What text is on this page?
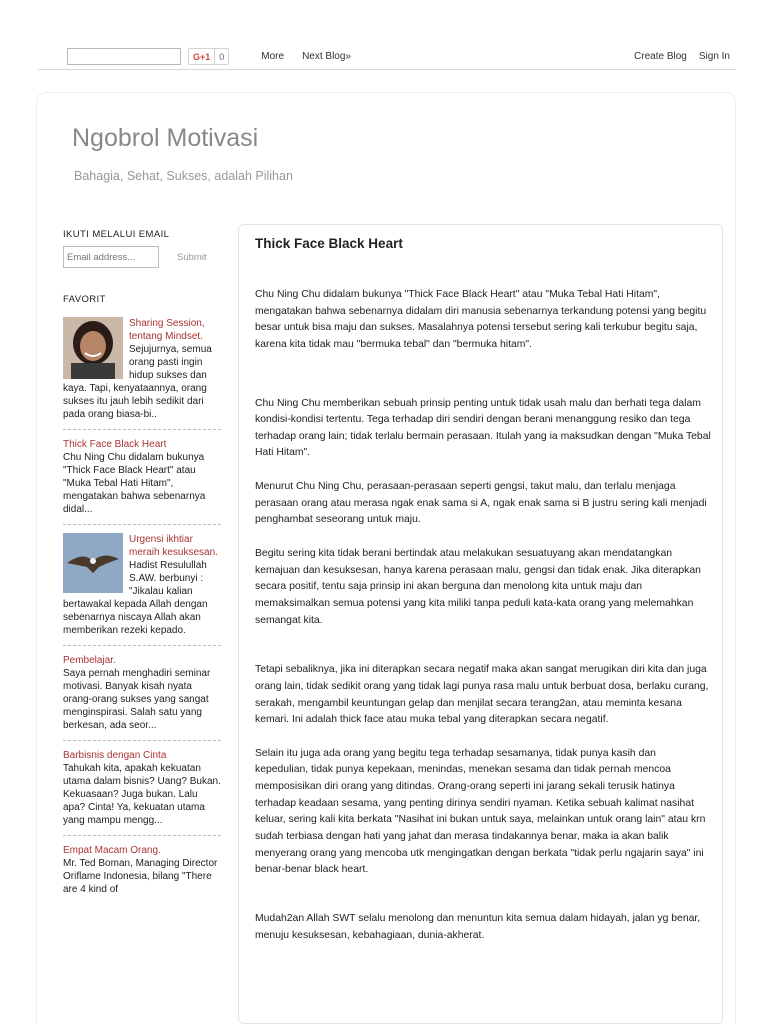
G+1	0	More Next Blog»	Create Blog Sign In
Ngobrol Motivasi
Bahagia, Sehat, Sukses, adalah Pilihan
IKUTI MELALUI EMAIL
Email address...
Submit
FAVORIT
Sharing Session, tentang Mindset.
Sejujurnya, semua orang pasti ingin hidup sukses dan kaya. Tapi, kenyataannya, orang sukses itu jauh lebih sedikit dari pada orang biasa-bi..
Thick Face Black Heart
Chu Ning Chu didalam bukunya "Thick Face Black Heart" atau "Muka Tebal Hati Hitam", mengatakan bahwa sebenarnya didal...
Urgensi ikhtiar meraih kesuksesan.
Hadist Resulullah S.AW. berbunyi : "Jikalau kalian bertawakal kepada Allah dengan sebenarnya niscaya Allah akan memberikan rezeki kepado.
Pembelajar.
Saya pernah menghadiri seminar motivasi. Banyak kisah nyata orang-orang sukses yang sangat menginspirasi. Salah satu yang berkesan, ada seor...
Barbisnis dengan Cinta
Tahukah kita, apakah kekuatan utama dalam bisnis? Uang? Bukan. Kekuasaan? Juga bukan. Lalu apa? Cinta! Ya, kekuatan utama yang mampu mengg...
Empat Macam Orang.
Mr. Ted Boman, Managing Director Oriflame Indonesia, bilang "There are 4 kind of
Thick Face Black Heart

Chu Ning Chu didalam bukunya "Thick Face Black Heart" atau "Muka Tebal Hati Hitam", mengatakan bahwa sebenarnya didalam diri manusia sebenarnya terkandung potensi yang begitu besar untuk bisa maju dan sukses. Masalahnya potensi tersebut sering kali terkubur begitu saja, karena kita tidak mau "bermuka tebal" dan "bermuka hitam".

Chu Ning Chu memberikan sebuah prinsip penting untuk tidak usah malu dan berhati tega dalam kondisi-kondisi tertentu. Tega terhadap diri sendiri dengan berani menanggung resiko dan tega terhadap orang lain; tidak terlalu bermain perasaan. Itulah yang ia maksudkan dengan "Muka Tebal Hati Hitam".

Menurut Chu Ning Chu, perasaan-perasaan seperti gengsi, takut malu, dan terlalu menjaga perasaan orang atau merasa ngak enak sama si A, ngak enak sama si B justru sering kali menjadi penghambat seseorang untuk maju.

Begitu sering kita tidak berani bertindak atau melakukan sesuatuyang akan mendatangkan kemajuan dan kesuksesan, hanya karena perasaan malu, gengsi dan tidak enak. Jika diterapkan secara positif, tentu saja prinsip ini akan berguna dan menolong kita untuk maju dan memaksimalkan semua potensi yang kita miliki tanpa peduli kata-kata orang yang melemahkan semangat kita.

Tetapi sebaliknya, jika ini diterapkan secara negatif maka akan sangat merugikan diri kita dan juga orang lain, tidak sedikit orang yang tidak lagi punya rasa malu untuk berbuat dosa, berlaku curang, serakah, mengambil keuntungan gelap dan menjilat secara terang2an, atau meminta kesana kemari. Ini adalah thick face atau muka tebal yang diterapkan secara negatif.

Selain itu juga ada orang yang begitu tega terhadap sesamanya, tidak punya kasih dan kepedulian, tidak punya kepekaan, menindas, menekan sesama dan tidak pernah mencoa memposisikan diri orang yang ditindas. Orang-orang seperti ini jarang sekali terusik hatinya terhadap keadaan sesama, yang penting dirinya sendiri nyaman. Ketika sebuah kalimat nasihat keluar, sering kali kita berkata "Nasihat ini bukan untuk saya, melainkan untuk orang lain" atau krn sudah terbiasa dengan hati yang jahat dan merasa tindakannya benar, maka ia akan balik menyerang orang yang mencoba utk mengingatkan dengan berkata "tidak perlu ngajarin saya" ini benar-benar black heart.

Mudah2an Allah SWT selalu menolong dan menuntun kita semua dalam hidayah, jalan yg benar, menuju kesuksesan, kebahagiaan, dunia-akherat.
